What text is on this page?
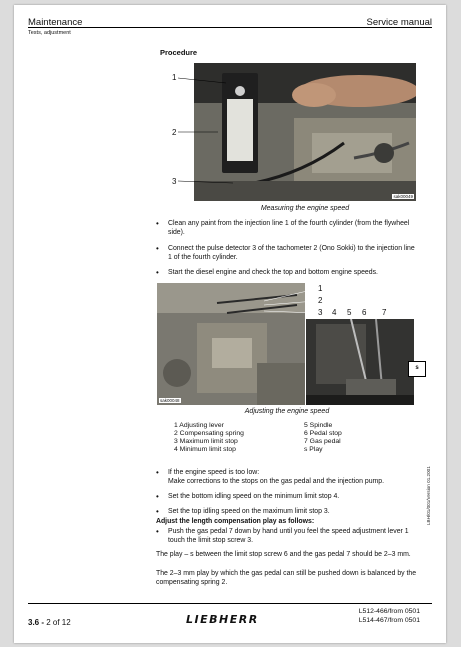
Maintenance
Tests, adjustment
Service manual
Procedure
1
2
3
sak00049
Measuring the engine speed
• Clean any paint from the injection line 1 of the fourth cylinder (from the flywheel side).
• Connect the pulse detector 3 of the tachometer 2 (Ono Sokki) to the injection line 1 of the fourth cylinder.
• Start the diesel engine and check the top and bottom engine speeds.
sak00048
1
2
3 4 5 6 7
s
Adjusting the engine speed
1 Adjusting lever
2 Compensating spring
3 Maximum limit stop
4 Minimum limit stop
5 Spindle
6 Pedal stop
7 Gas pedal
s Play
• If the engine speed is too low:
Make corrections to the stops on the gas pedal and the injection pump.
• Set the bottom idling speed on the minimum limit stop 4.
• Set the top idling speed on the maximum limit stop 3.
Adjust the length compensation play as follows:
• Push the gas pedal 7 down by hand until you feel the speed adjustment lever 1 touch the limit stop screw 3.
The play – s between the limit stop screw 6 and the gas pedal 7 should be 2–3 mm.
The 2–3 mm play by which the gas pedal can still be pushed down is balanced by the compensating spring 2.
LBH/01/001/Version 01.2001
3.6 - 2 of 12	LIEBHERR
L512-466/from 0501
L514-467/from 0501
